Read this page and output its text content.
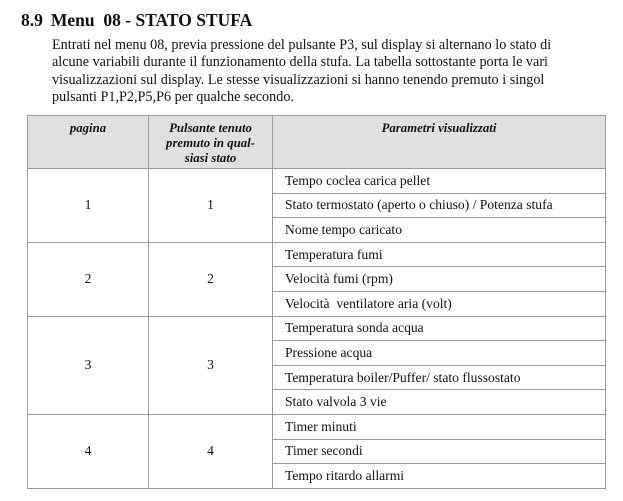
8.9 Menu  08 - STATO STUFA
Entrati nel menu 08, previa pressione del pulsante P3, sul display si alternano lo stato di
alcune variabili durante il funzionamento della stufa. La tabella sottostante porta le vari
visualizzazioni sul display. Le stesse visualizzazioni si hanno tenendo premuto i singol
pulsanti P1,P2,P5,P6 per qualche secondo.
pagina	Pulsante tenuto
premuto in qual-
siasi stato	Parametri visualizzati
1	1	Tempo coclea carica pellet
		Stato termostato (aperto o chiuso) / Potenza stufa
		Nome tempo caricato
2	2	Temperatura fumi
		Velocità fumi (rpm)
		Velocità  ventilatore aria (volt)
3	3	Temperatura sonda acqua
		Pressione acqua
		Temperatura boiler/Puffer/ stato flussostato
		Stato valvola 3 vie
4	4	Timer minuti
		Timer secondi
		Tempo ritardo allarmi
